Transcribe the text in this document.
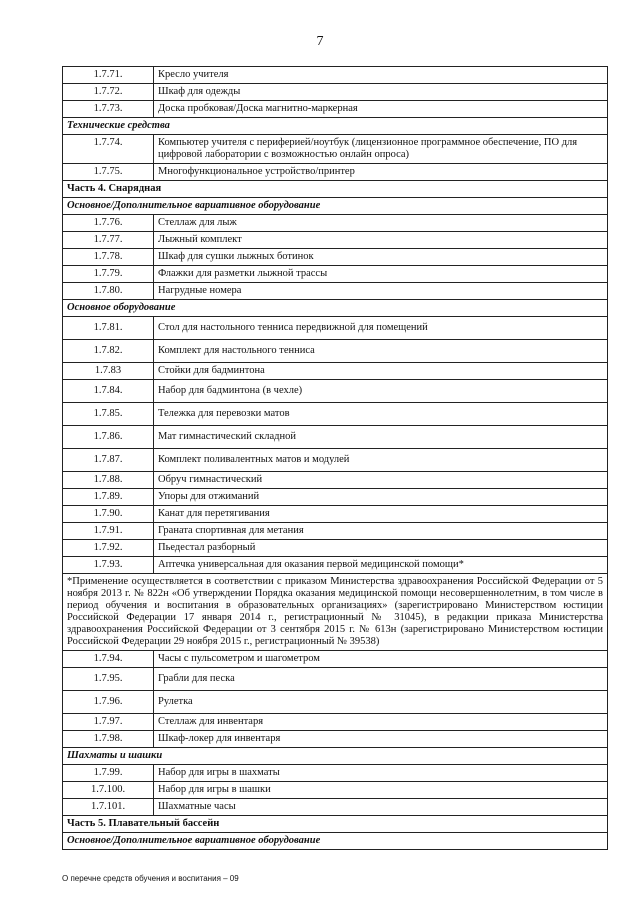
7
1.7.71.	Кресло учителя
1.7.72.	Шкаф для одежды
1.7.73.	Доска пробковая/Доска магнитно-маркерная
Технические средства	
1.7.74.	Компьютер учителя с периферией/ноутбук (лицензионное программное обеспечение, ПО для цифровой лаборатории с возможностью онлайн опроса)
1.7.75.	Многофункциональное устройство/принтер
Часть 4. Снарядная	
Основное/Дополнительное вариативное оборудование	
1.7.76.	Стеллаж для лыж
1.7.77.	Лыжный комплект
1.7.78.	Шкаф для сушки лыжных ботинок
1.7.79.	Флажки для разметки лыжной трассы
1.7.80.	Нагрудные номера
Основное оборудование	
1.7.81.	Стол для настольного тенниса передвижной для помещений
1.7.82.	Комплект для настольного тенниса
1.7.83	Стойки для бадминтона
1.7.84.	Набор для бадминтона (в чехле)
1.7.85.	Тележка для перевозки матов
1.7.86.	Мат гимнастический складной
1.7.87.	Комплект поливалентных матов и модулей
1.7.88.	Обруч гимнастический
1.7.89.	Упоры для отжиманий
1.7.90.	Канат для перетягивания
1.7.91.	Граната спортивная для метания
1.7.92.	Пьедестал разборный
1.7.93.	Аптечка универсальная для оказания первой медицинской помощи*
*Применение осуществляется в соответствии с приказом Министерства здравоохранения Российской Федерации от 5 ноября 2013 г. № 822н «Об утверждении Порядка оказания медицинской помощи несовершеннолетним, в том числе в период обучения и воспитания в образовательных организациях» (зарегистрировано Министерством юстиции Российской Федерации 17 января 2014 г., регистрационный № 31045), в редакции приказа Министерства здравоохранения Российской Федерации от 3 сентября 2015 г. № 613н (зарегистрировано Министерством юстиции Российской Федерации 29 ноября 2015 г., регистрационный № 39538)	
1.7.94.	Часы с пульсометром и шагометром
1.7.95.	Грабли для песка
1.7.96.	Рулетка
1.7.97.	Стеллаж для инвентаря
1.7.98.	Шкаф-локер для инвентаря
Шахматы и шашки	
1.7.99.	Набор для игры в шахматы
1.7.100.	Набор для игры в шашки
1.7.101.	Шахматные часы
Часть 5. Плавательный бассейн	
Основное/Дополнительное вариативное оборудование	
О перечне средств обучения и воспитания – 09
